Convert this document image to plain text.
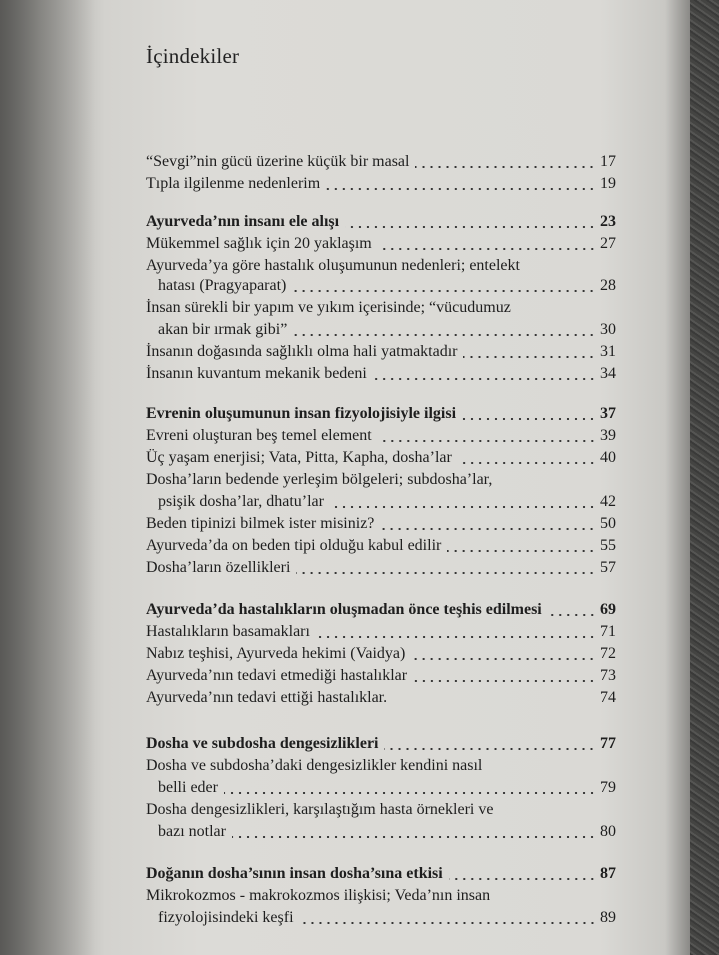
İçindekiler
“Sevgi”nin gücü üzerine küçük bir masal	17
Tıpla ilgilenme nedenlerim	19
Ayurveda’nın insanı ele alışı	23
Mükemmel sağlık için 20 yaklaşım	27
Ayurveda’ya göre hastalık oluşumunun nedenleri; entelekt
hatası (Pragyaparat)	28
İnsan sürekli bir yapım ve yıkım içerisinde; “vücudumuz
akan bir ırmak gibi”	30
İnsanın doğasında sağlıklı olma hali yatmaktadır	31
İnsanın kuvantum mekanik bedeni	34
Evrenin oluşumunun insan fizyolojisiyle ilgisi	37
Evreni oluşturan beş temel element	39
Üç yaşam enerjisi; Vata, Pitta, Kapha, dosha’lar	40
Dosha’ların bedende yerleşim bölgeleri; subdosha’lar,
psişik dosha’lar, dhatu’lar	42
Beden tipinizi bilmek ister misiniz?	50
Ayurveda’da on beden tipi olduğu kabul edilir	55
Dosha’ların özellikleri	57
Ayurveda’da hastalıkların oluşmadan önce teşhis edilmesi	69
Hastalıkların basamakları	71
Nabız teşhisi, Ayurveda hekimi (Vaidya)	72
Ayurveda’nın tedavi etmediği hastalıklar	73
Ayurveda’nın tedavi ettiği hastalıklar.	74
Dosha ve subdosha dengesizlikleri	77
Dosha ve subdosha’daki dengesizlikler kendini nasıl
belli eder	79
Dosha dengesizlikleri, karşılaştığım hasta örnekleri ve
bazı notlar	80
Doğanın dosha’sının insan dosha’sına etkisi	87
Mikrokozmos - makrokozmos ilişkisi; Veda’nın insan
fizyolojisindeki keşfi	89
